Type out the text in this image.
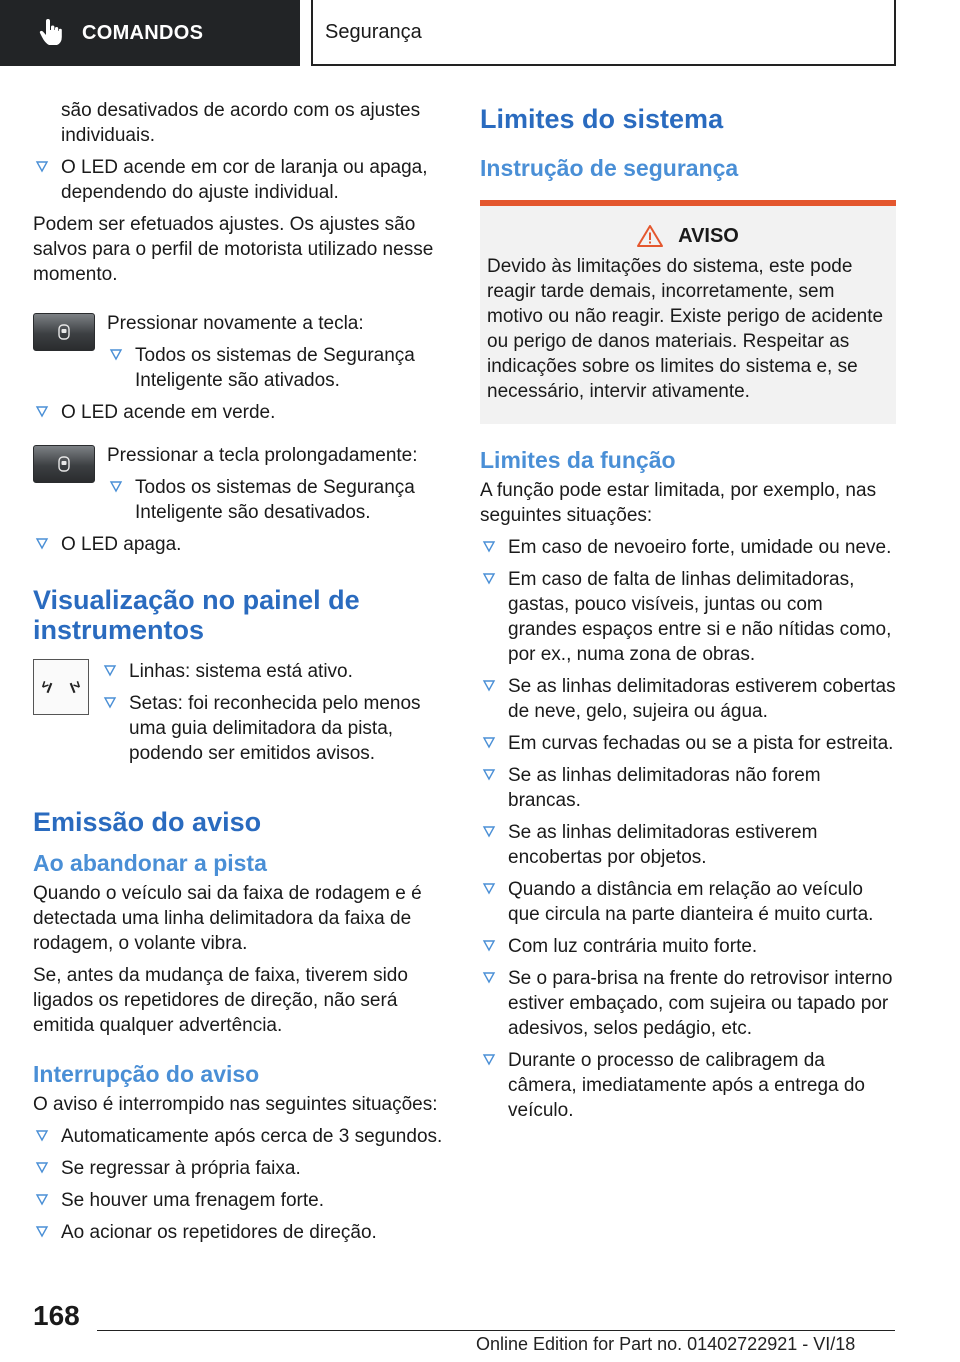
COMANDOS	Segurança

são desativados de acordo com os ajustes individuais.

O LED acende em cor de laranja ou apaga, dependendo do ajuste individual.

Podem ser efetuados ajustes. Os ajustes são salvos para o perfil de motorista utilizado nesse momento.

Pressionar novamente a tecla:

Todos os sistemas de Segurança Inteligente são ativados.
O LED acende em verde.

Pressionar a tecla prolongadamente:

Todos os sistemas de Segurança Inteligente são desativados.
O LED apaga.
Visualização no painel de instrumentos
Linhas: sistema está ativo.
Setas: foi reconhecida pelo menos uma guia delimitadora da pista, podendo ser emitidos avisos.
Emissão do aviso
Ao abandonar a pista

Quando o veículo sai da faixa de rodagem e é detectada uma linha delimitadora da faixa de rodagem, o volante vibra.

Se, antes da mudança de faixa, tiverem sido ligados os repetidores de direção, não será emitida qualquer advertência.

Interrupção do aviso

O aviso é interrompido nas seguintes situações:

Automaticamente após cerca de 3 segundos.
Se regressar à própria faixa.
Se houver uma frenagem forte.
Ao acionar os repetidores de direção.
Limites do sistema
Instrução de segurança
AVISO

Devido às limitações do sistema, este pode reagir tarde demais, incorretamente, sem motivo ou não reagir. Existe perigo de acidente ou perigo de danos materiais. Respeitar as indicações sobre os limites do sistema e, se necessário, intervir ativamente.

Limites da função

A função pode estar limitada, por exemplo, nas seguintes situações:

Em caso de nevoeiro forte, umidade ou neve.
Em caso de falta de linhas delimitadoras, gastas, pouco visíveis, juntas ou com grandes espaços entre si e não nítidas como, por ex., numa zona de obras.
Se as linhas delimitadoras estiverem cobertas de neve, gelo, sujeira ou água.
Em curvas fechadas ou se a pista for estreita.
Se as linhas delimitadoras não forem brancas.
Se as linhas delimitadoras estiverem encobertas por objetos.
Quando a distância em relação ao veículo que circula na parte dianteira é muito curta.
Com luz contrária muito forte.
Se o para-brisa na frente do retrovisor interno estiver embaçado, com sujeira ou tapado por adesivos, selos pedágio, etc.
Durante o processo de calibragem da câmera, imediatamente após a entrega do veículo.
168
Online Edition for Part no. 01402722921 - VI/18
